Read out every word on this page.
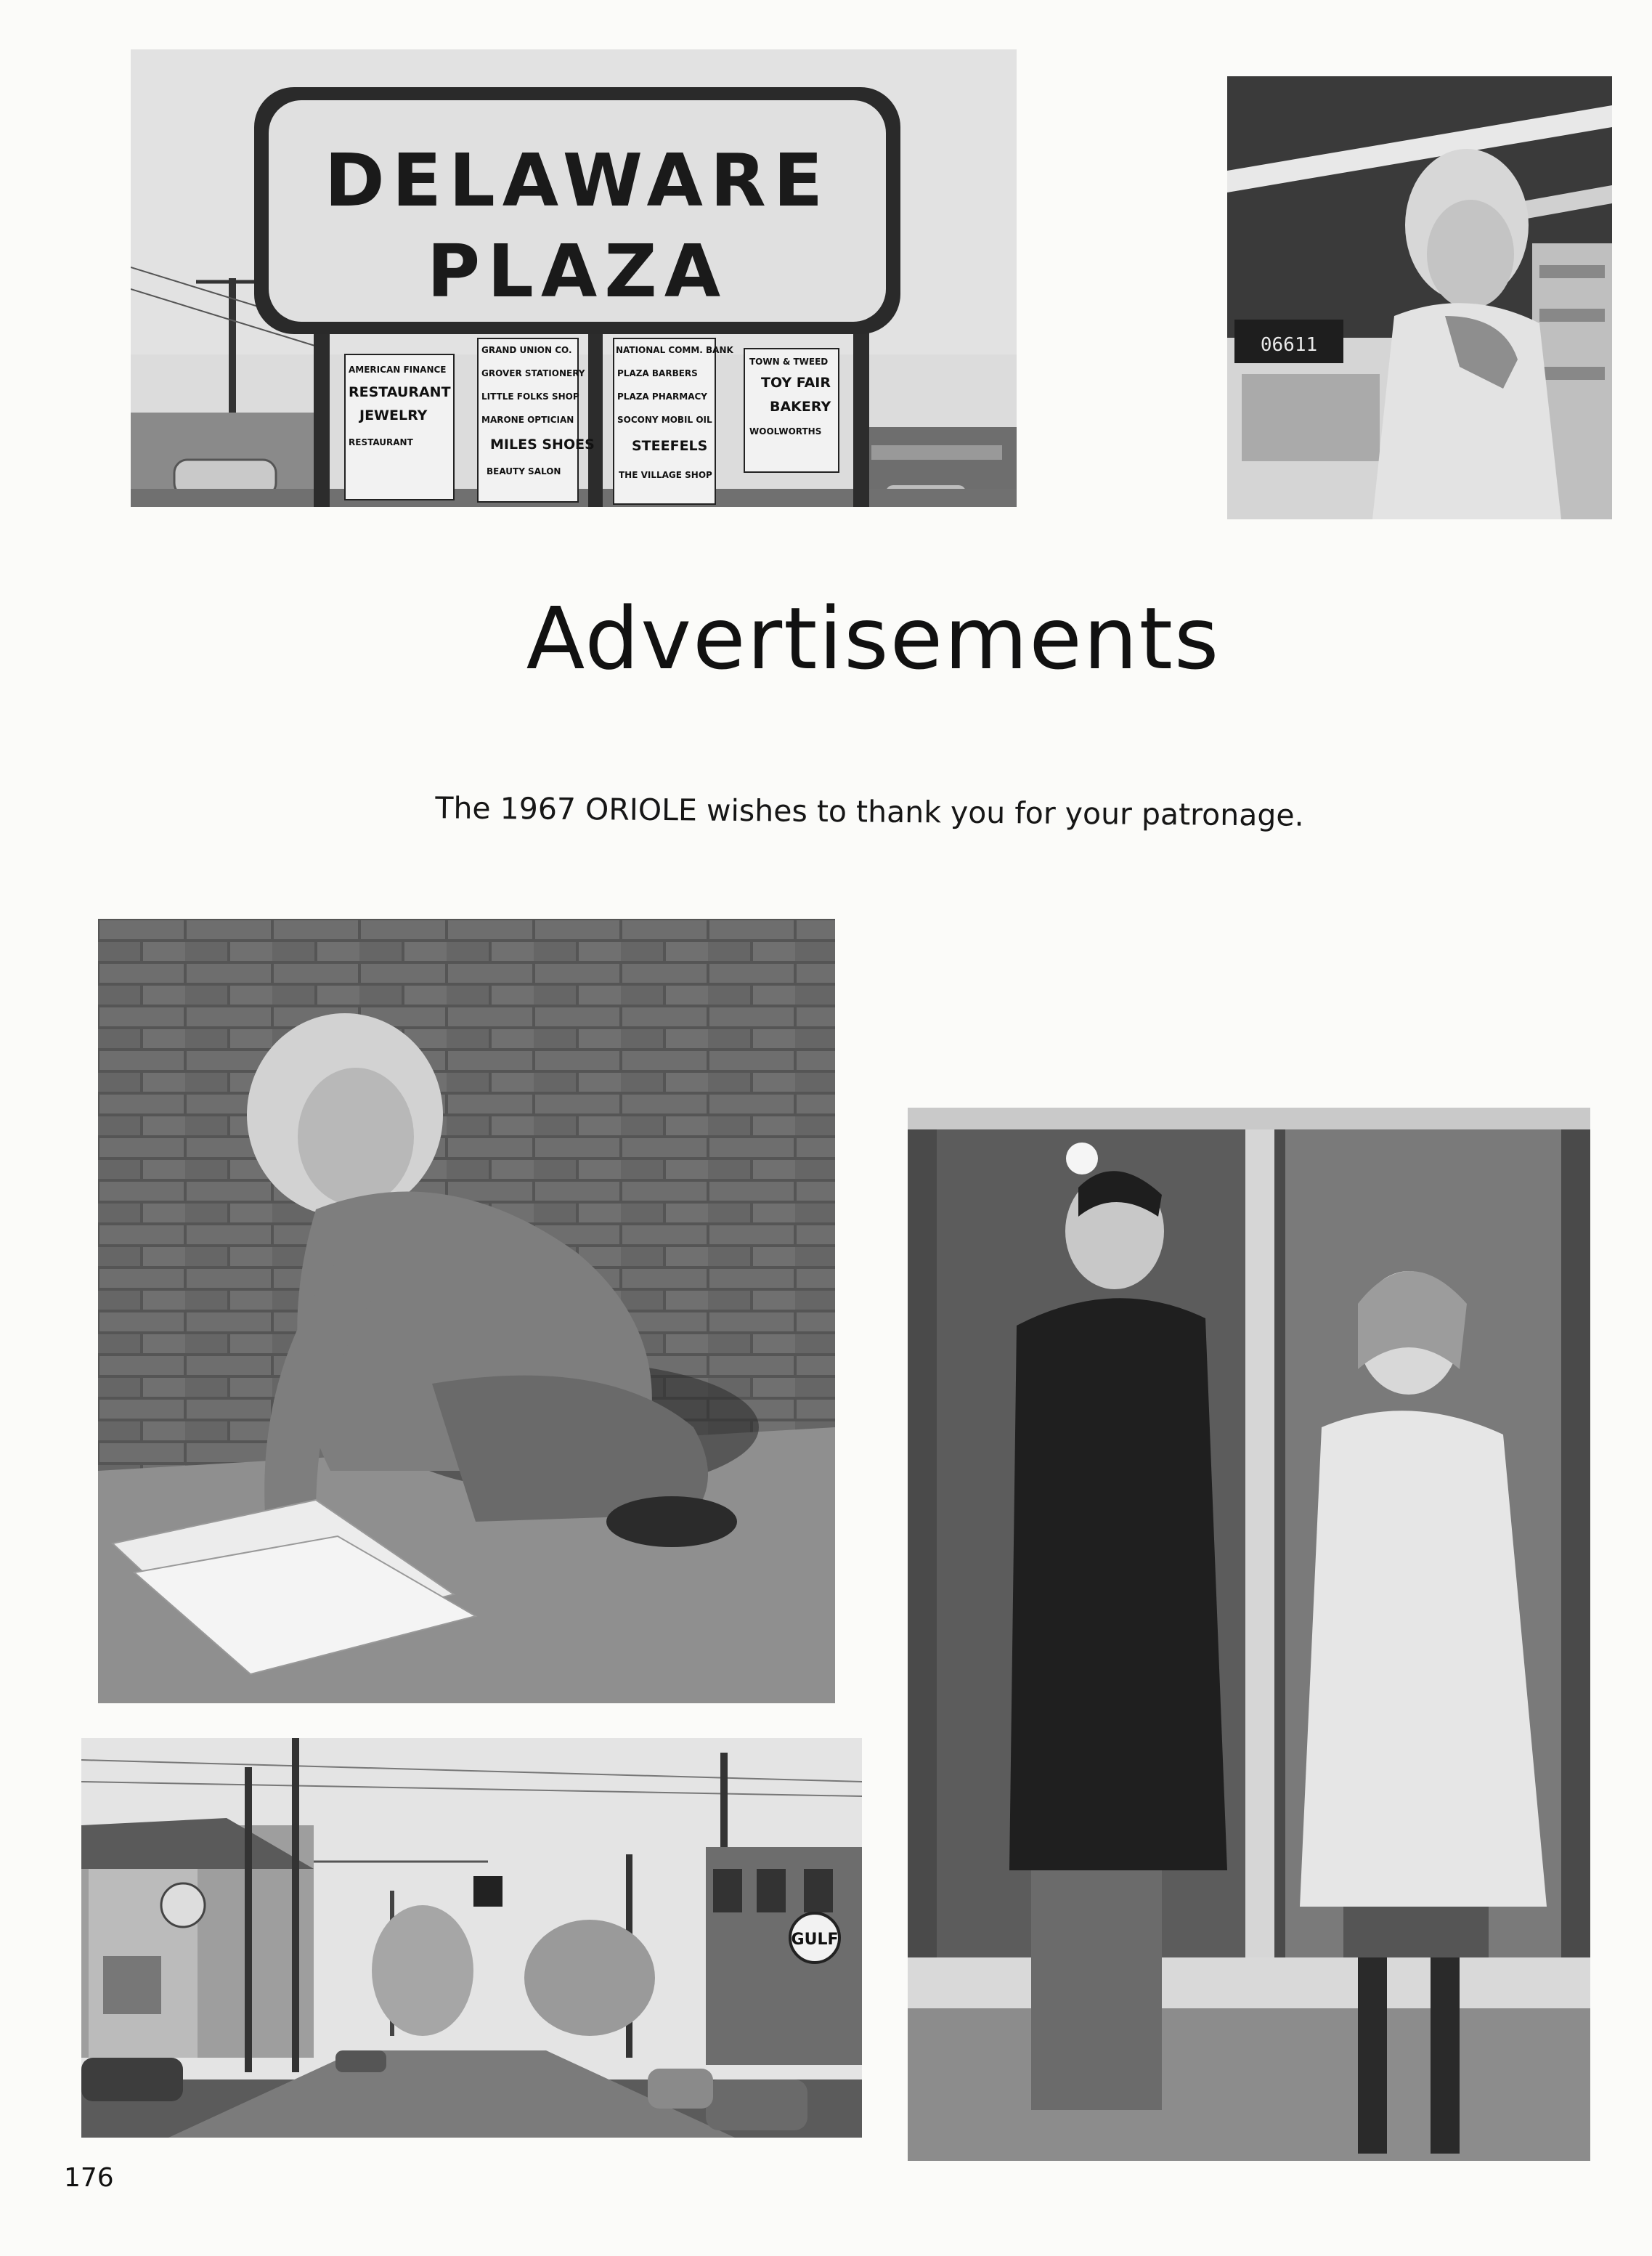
DELAWARE
PLAZA
AMERICAN FINANCE
RESTAURANT
JEWELRY
RESTAURANT
GRAND UNION CO.
GROVER STATIONERY
LITTLE FOLKS SHOP
MARONE OPTICIAN
MILES SHOES
BEAUTY SALON
NATIONAL COMM. BANK
PLAZA BARBERS
PLAZA PHARMACY
SOCONY MOBIL OIL
STEEFELS
THE VILLAGE SHOP
TOWN & TWEED
TOY FAIR
BAKERY
WOOLWORTHS
06611
Advertisements

The 1967 ORIOLE wishes to thank you for your patronage.

GULF
176
